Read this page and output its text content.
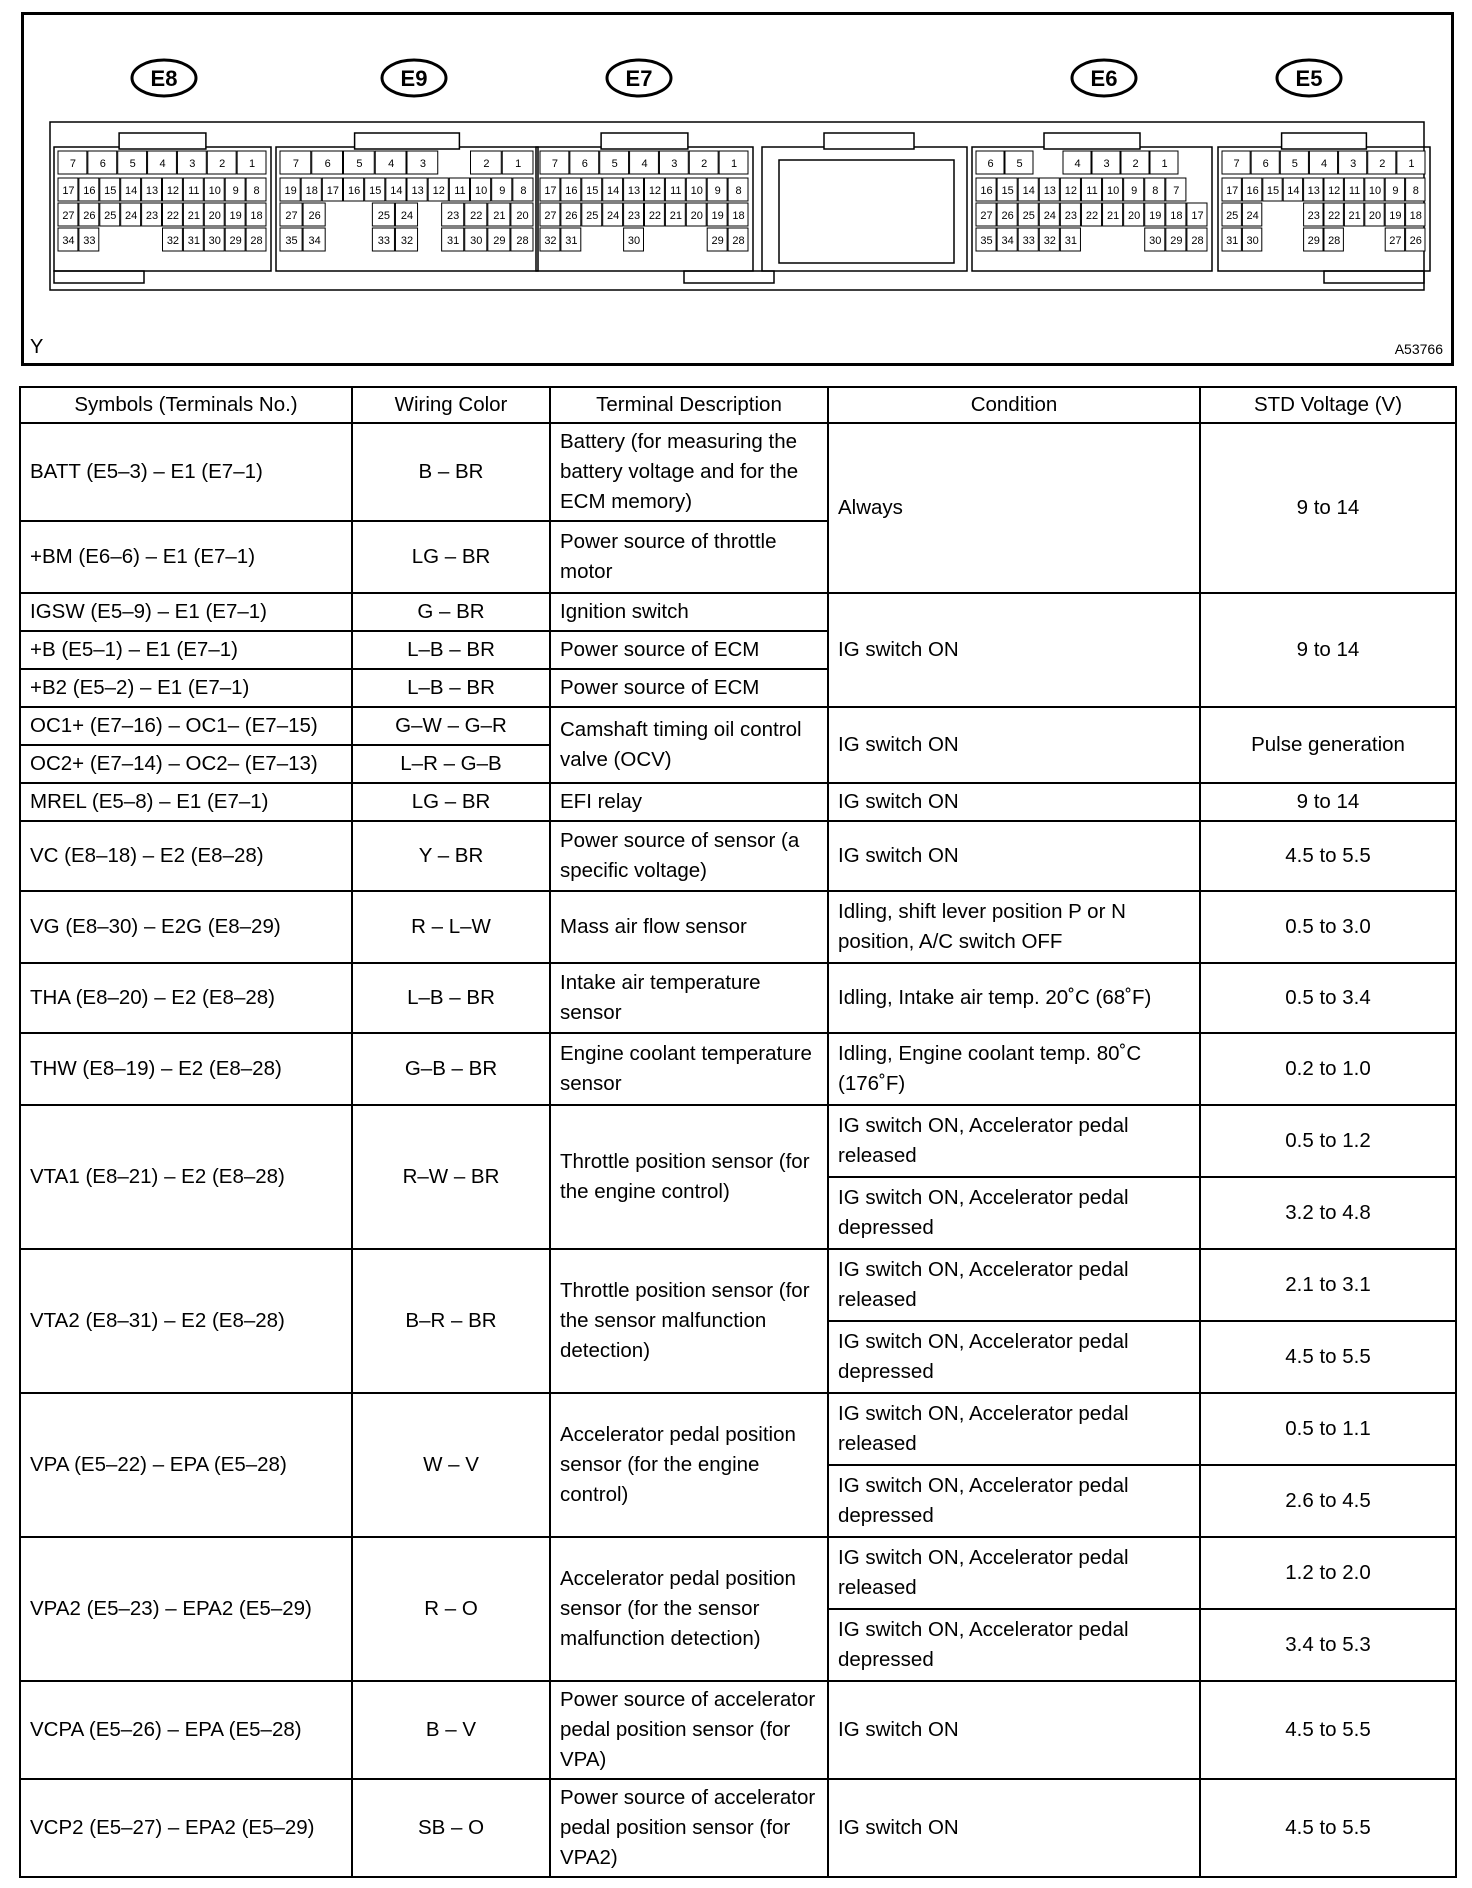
E8
7 6 5 4 3 2 1
17 16 15 14 13 12 11 10 9 8
27 26 25 24 23 22 21 20 19 18
34 33	32 31 30 29 28
E9
7 6 5 4 3	2 1
19 18 17 16 15 14 13 12 11 10 9 8
27 26	25 24	23 22 21 20
35 34	33 32	31 30 29 28
E7
7 6 5 4 3 2 1
17 16 15 14 13 12 11 10 9 8
27 26 25 24 23 22 21 20 19 18
32 31	30	29 28
E6
6 5	4 3 2 1
16 15 14 13 12 11 10 9 8 7
27 26 25 24 23 22 21 20 19 18 17
35 34 33 32 31	30 29 28
E5
7 6 5 4 3 2 1
17 16 15 14 13 12 11 10 9 8
25 24	23 22 21 20 19 18
31 30	29 28	27 26
Y	A53766
Symbols (Terminals No.)	Wiring Color	Terminal Description	Condition	STD Voltage (V)
BATT (E5–3) – E1 (E7–1)	B – BR	Battery (for measuring the battery voltage and for the ECM memory)	Always	9 to 14
+BM (E6–6) – E1 (E7–1)	LG – BR	Power source of throttle motor		
IGSW (E5–9) – E1 (E7–1)	G – BR	Ignition switch	IG switch ON	9 to 14
+B (E5–1) – E1 (E7–1)	L–B – BR	Power source of ECM		
+B2 (E5–2) – E1 (E7–1)	L–B – BR	Power source of ECM		
OC1+ (E7–16) – OC1– (E7–15)	G–W – G–R	Camshaft timing oil control valve (OCV)	IG switch ON	Pulse generation
OC2+ (E7–14) – OC2– (E7–13)	L–R – G–B			
MREL (E5–8) – E1 (E7–1)	LG – BR	EFI relay	IG switch ON	9 to 14
VC (E8–18) – E2 (E8–28)	Y – BR	Power source of sensor (a specific voltage)	IG switch ON	4.5 to 5.5
VG (E8–30) – E2G (E8–29)	R – L–W	Mass air flow sensor	Idling, shift lever position P or N position, A/C switch OFF	0.5 to 3.0
THA (E8–20) – E2 (E8–28)	L–B – BR	Intake air temperature sensor	Idling, Intake air temp. 20˚C (68˚F)	0.5 to 3.4
THW (E8–19) – E2 (E8–28)	G–B – BR	Engine coolant temperature sensor	Idling, Engine coolant temp. 80˚C (176˚F)	0.2 to 1.0
VTA1 (E8–21) – E2 (E8–28)	R–W – BR	Throttle position sensor (for the engine control)	IG switch ON, Accelerator pedal released	0.5 to 1.2
			IG switch ON, Accelerator pedal depressed	3.2 to 4.8
VTA2 (E8–31) – E2 (E8–28)	B–R – BR	Throttle position sensor (for the sensor malfunction detection)	IG switch ON, Accelerator pedal released	2.1 to 3.1
			IG switch ON, Accelerator pedal depressed	4.5 to 5.5
VPA (E5–22) – EPA (E5–28)	W – V	Accelerator pedal position sensor (for the engine control)	IG switch ON, Accelerator pedal released	0.5 to 1.1
			IG switch ON, Accelerator pedal depressed	2.6 to 4.5
VPA2 (E5–23) – EPA2 (E5–29)	R – O	Accelerator pedal position sensor (for the sensor malfunction detection)	IG switch ON, Accelerator pedal released	1.2 to 2.0
			IG switch ON, Accelerator pedal depressed	3.4 to 5.3
VCPA (E5–26) – EPA (E5–28)	B – V	Power source of accelerator pedal position sensor (for VPA)	IG switch ON	4.5 to 5.5
VCP2 (E5–27) – EPA2 (E5–29)	SB – O	Power source of accelerator pedal position sensor (for VPA2)	IG switch ON	4.5 to 5.5
